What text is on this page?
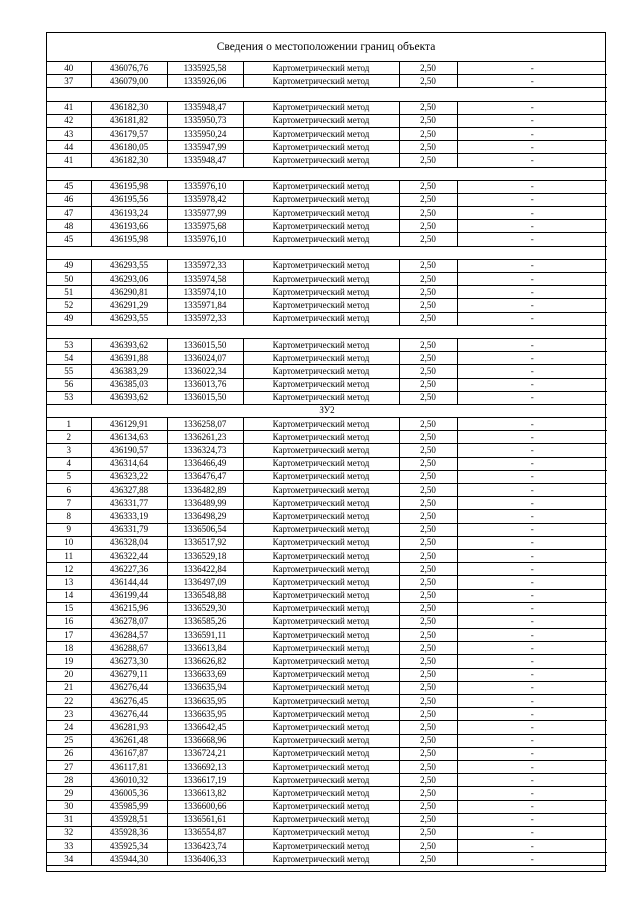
Сведения о местоположении границ объекта
40	436076,76	1335925,58	Картометрический метод	2,50	-
37	436079,00	1335926,06	Картометрический метод	2,50	-

41	436182,30	1335948,47	Картометрический метод	2,50	-
42	436181,82	1335950,73	Картометрический метод	2,50	-
43	436179,57	1335950,24	Картометрический метод	2,50	-
44	436180,05	1335947,99	Картометрический метод	2,50	-
41	436182,30	1335948,47	Картометрический метод	2,50	-

45	436195,98	1335976,10	Картометрический метод	2,50	-
46	436195,56	1335978,42	Картометрический метод	2,50	-
47	436193,24	1335977,99	Картометрический метод	2,50	-
48	436193,66	1335975,68	Картометрический метод	2,50	-
45	436195,98	1335976,10	Картометрический метод	2,50	-

49	436293,55	1335972,33	Картометрический метод	2,50	-
50	436293,06	1335974,58	Картометрический метод	2,50	-
51	436290,81	1335974,10	Картометрический метод	2,50	-
52	436291,29	1335971,84	Картометрический метод	2,50	-
49	436293,55	1335972,33	Картометрический метод	2,50	-

53	436393,62	1336015,50	Картометрический метод	2,50	-
54	436391,88	1336024,07	Картометрический метод	2,50	-
55	436383,29	1336022,34	Картометрический метод	2,50	-
56	436385,03	1336013,76	Картометрический метод	2,50	-
53	436393,62	1336015,50	Картометрический метод	2,50	-
ЗУ2					
1	436129,91	1336258,07	Картометрический метод	2,50	-
2	436134,63	1336261,23	Картометрический метод	2,50	-
3	436190,57	1336324,73	Картометрический метод	2,50	-
4	436314,64	1336466,49	Картометрический метод	2,50	-
5	436323,22	1336476,47	Картометрический метод	2,50	-
6	436327,88	1336482,89	Картометрический метод	2,50	-
7	436331,77	1336489,99	Картометрический метод	2,50	-
8	436333,19	1336498,29	Картометрический метод	2,50	-
9	436331,79	1336506,54	Картометрический метод	2,50	-
10	436328,04	1336517,92	Картометрический метод	2,50	-
11	436322,44	1336529,18	Картометрический метод	2,50	-
12	436227,36	1336422,84	Картометрический метод	2,50	-
13	436144,44	1336497,09	Картометрический метод	2,50	-
14	436199,44	1336548,88	Картометрический метод	2,50	-
15	436215,96	1336529,30	Картометрический метод	2,50	-
16	436278,07	1336585,26	Картометрический метод	2,50	-
17	436284,57	1336591,11	Картометрический метод	2,50	-
18	436288,67	1336613,84	Картометрический метод	2,50	-
19	436273,30	1336626,82	Картометрический метод	2,50	-
20	436279,11	1336633,69	Картометрический метод	2,50	-
21	436276,44	1336635,94	Картометрический метод	2,50	-
22	436276,45	1336635,95	Картометрический метод	2,50	-
23	436276,44	1336635,95	Картометрический метод	2,50	-
24	436281,93	1336642,45	Картометрический метод	2,50	-
25	436261,48	1336668,96	Картометрический метод	2,50	-
26	436167,87	1336724,21	Картометрический метод	2,50	-
27	436117,81	1336692,13	Картометрический метод	2,50	-
28	436010,32	1336617,19	Картометрический метод	2,50	-
29	436005,36	1336613,82	Картометрический метод	2,50	-
30	435985,99	1336600,66	Картометрический метод	2,50	-
31	435928,51	1336561,61	Картометрический метод	2,50	-
32	435928,36	1336554,87	Картометрический метод	2,50	-
33	435925,34	1336423,74	Картометрический метод	2,50	-
34	435944,30	1336406,33	Картометрический метод	2,50	-
